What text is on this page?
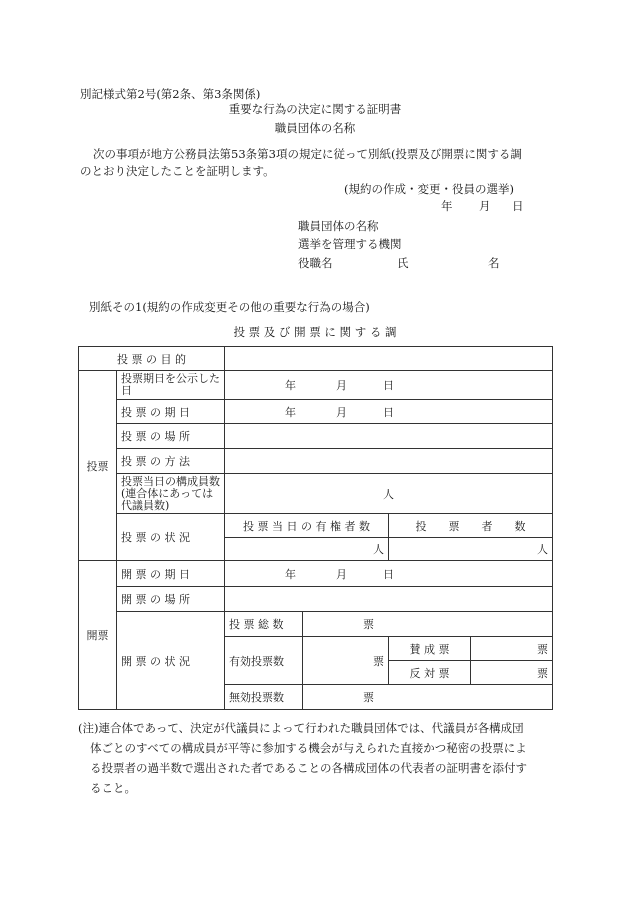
別記様式第2号(第2条、第3条関係)
重要な行為の決定に関する証明書
職員団体の名称
次の事項が地方公務員法第53条第3項の規定に従って別紙(投票及び開票に関する調
のとおり決定したことを証明します。
(規約の作成・変更・役員の選挙)
年 月 日
職員団体の名称
選挙を管理する機関
役職名	氏	名
別紙その1(規約の作成変更その他の重要な行為の場合)
投 票 及 び 開 票 に 関 す る 調
投 票 の 目 的					
投票	投票期日を公示した日	年 月 日			
	投 票 の 期 日	年 月 日			
	投 票 の 場 所				
	投 票 の 方 法				
	投票当日の構成員数(連合体にあっては代議員数)	人			
	投 票 の 状 況	投 票 当 日 の 有 権 者 数		投　　票　　者　　数	
		人		人	
開票	開 票 の 期 日	年 月 日			
	開 票 の 場 所				
	開 票 の 状 況	投 票 総 数	票		
		有効投票数	票	賛 成 票	票
				反 対 票	票
		無効投票数	票		
(注)連合体であって、決定が代議員によって行われた職員団体では、代議員が各構成団
体ごとのすべての構成員が平等に参加する機会が与えられた直接かつ秘密の投票によ
る投票者の過半数で選出された者であることの各構成団体の代表者の証明書を添付す
ること。
